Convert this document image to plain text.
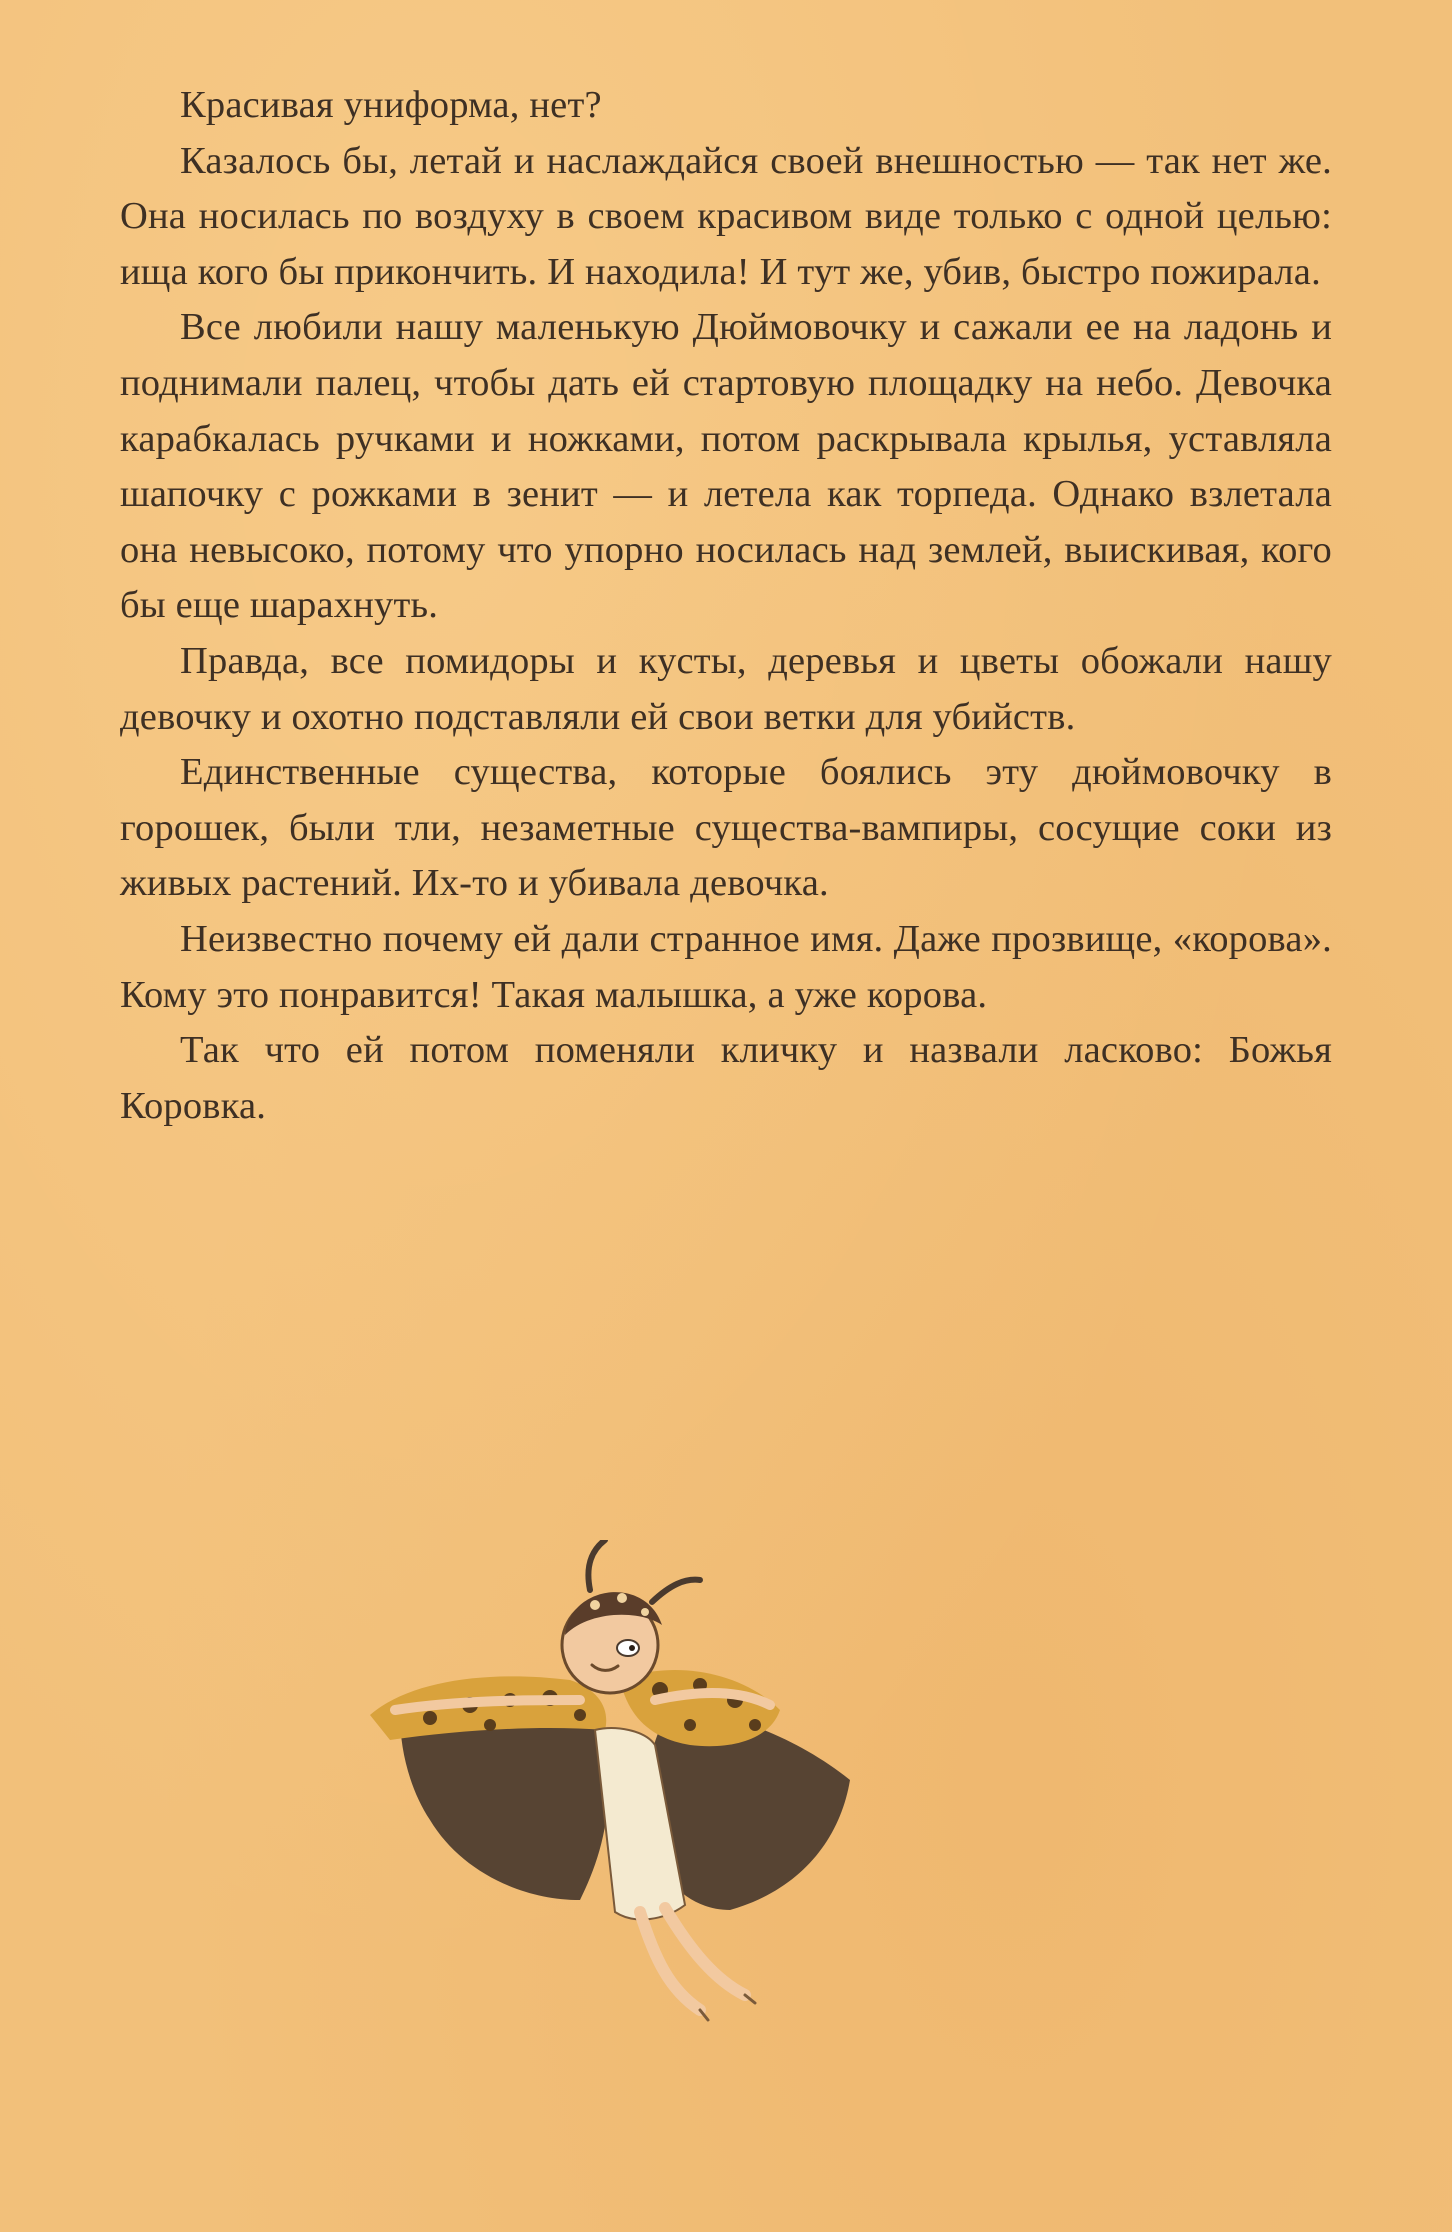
Красивая униформа, нет?

Казалось бы, летай и наслаждайся своей внешностью — так нет же. Она носилась по воздуху в своем красивом виде только с одной целью: ища кого бы прикончить. И находила! И тут же, убив, быстро пожирала.

Все любили нашу маленькую Дюймовочку и сажали ее на ладонь и поднимали палец, чтобы дать ей стартовую площадку на небо. Девочка карабкалась ручками и ножками, потом раскрывала крылья, уставляла шапочку с рожками в зенит — и летела как торпеда. Однако взлетала она невысоко, потому что упорно носилась над землей, выискивая, кого бы еще шарахнуть.

Правда, все помидоры и кусты, деревья и цветы обожали нашу девочку и охотно подставляли ей свои ветки для убийств.

Единственные существа, которые боялись эту дюймовочку в горошек, были тли, незаметные существа-вампиры, сосущие соки из живых растений. Их-то и убивала девочка.

Неизвестно почему ей дали странное имя. Даже прозвище, «корова». Кому это понравится! Такая малышка, а уже корова.

Так что ей потом поменяли кличку и назвали ласково: Божья Коровка.
